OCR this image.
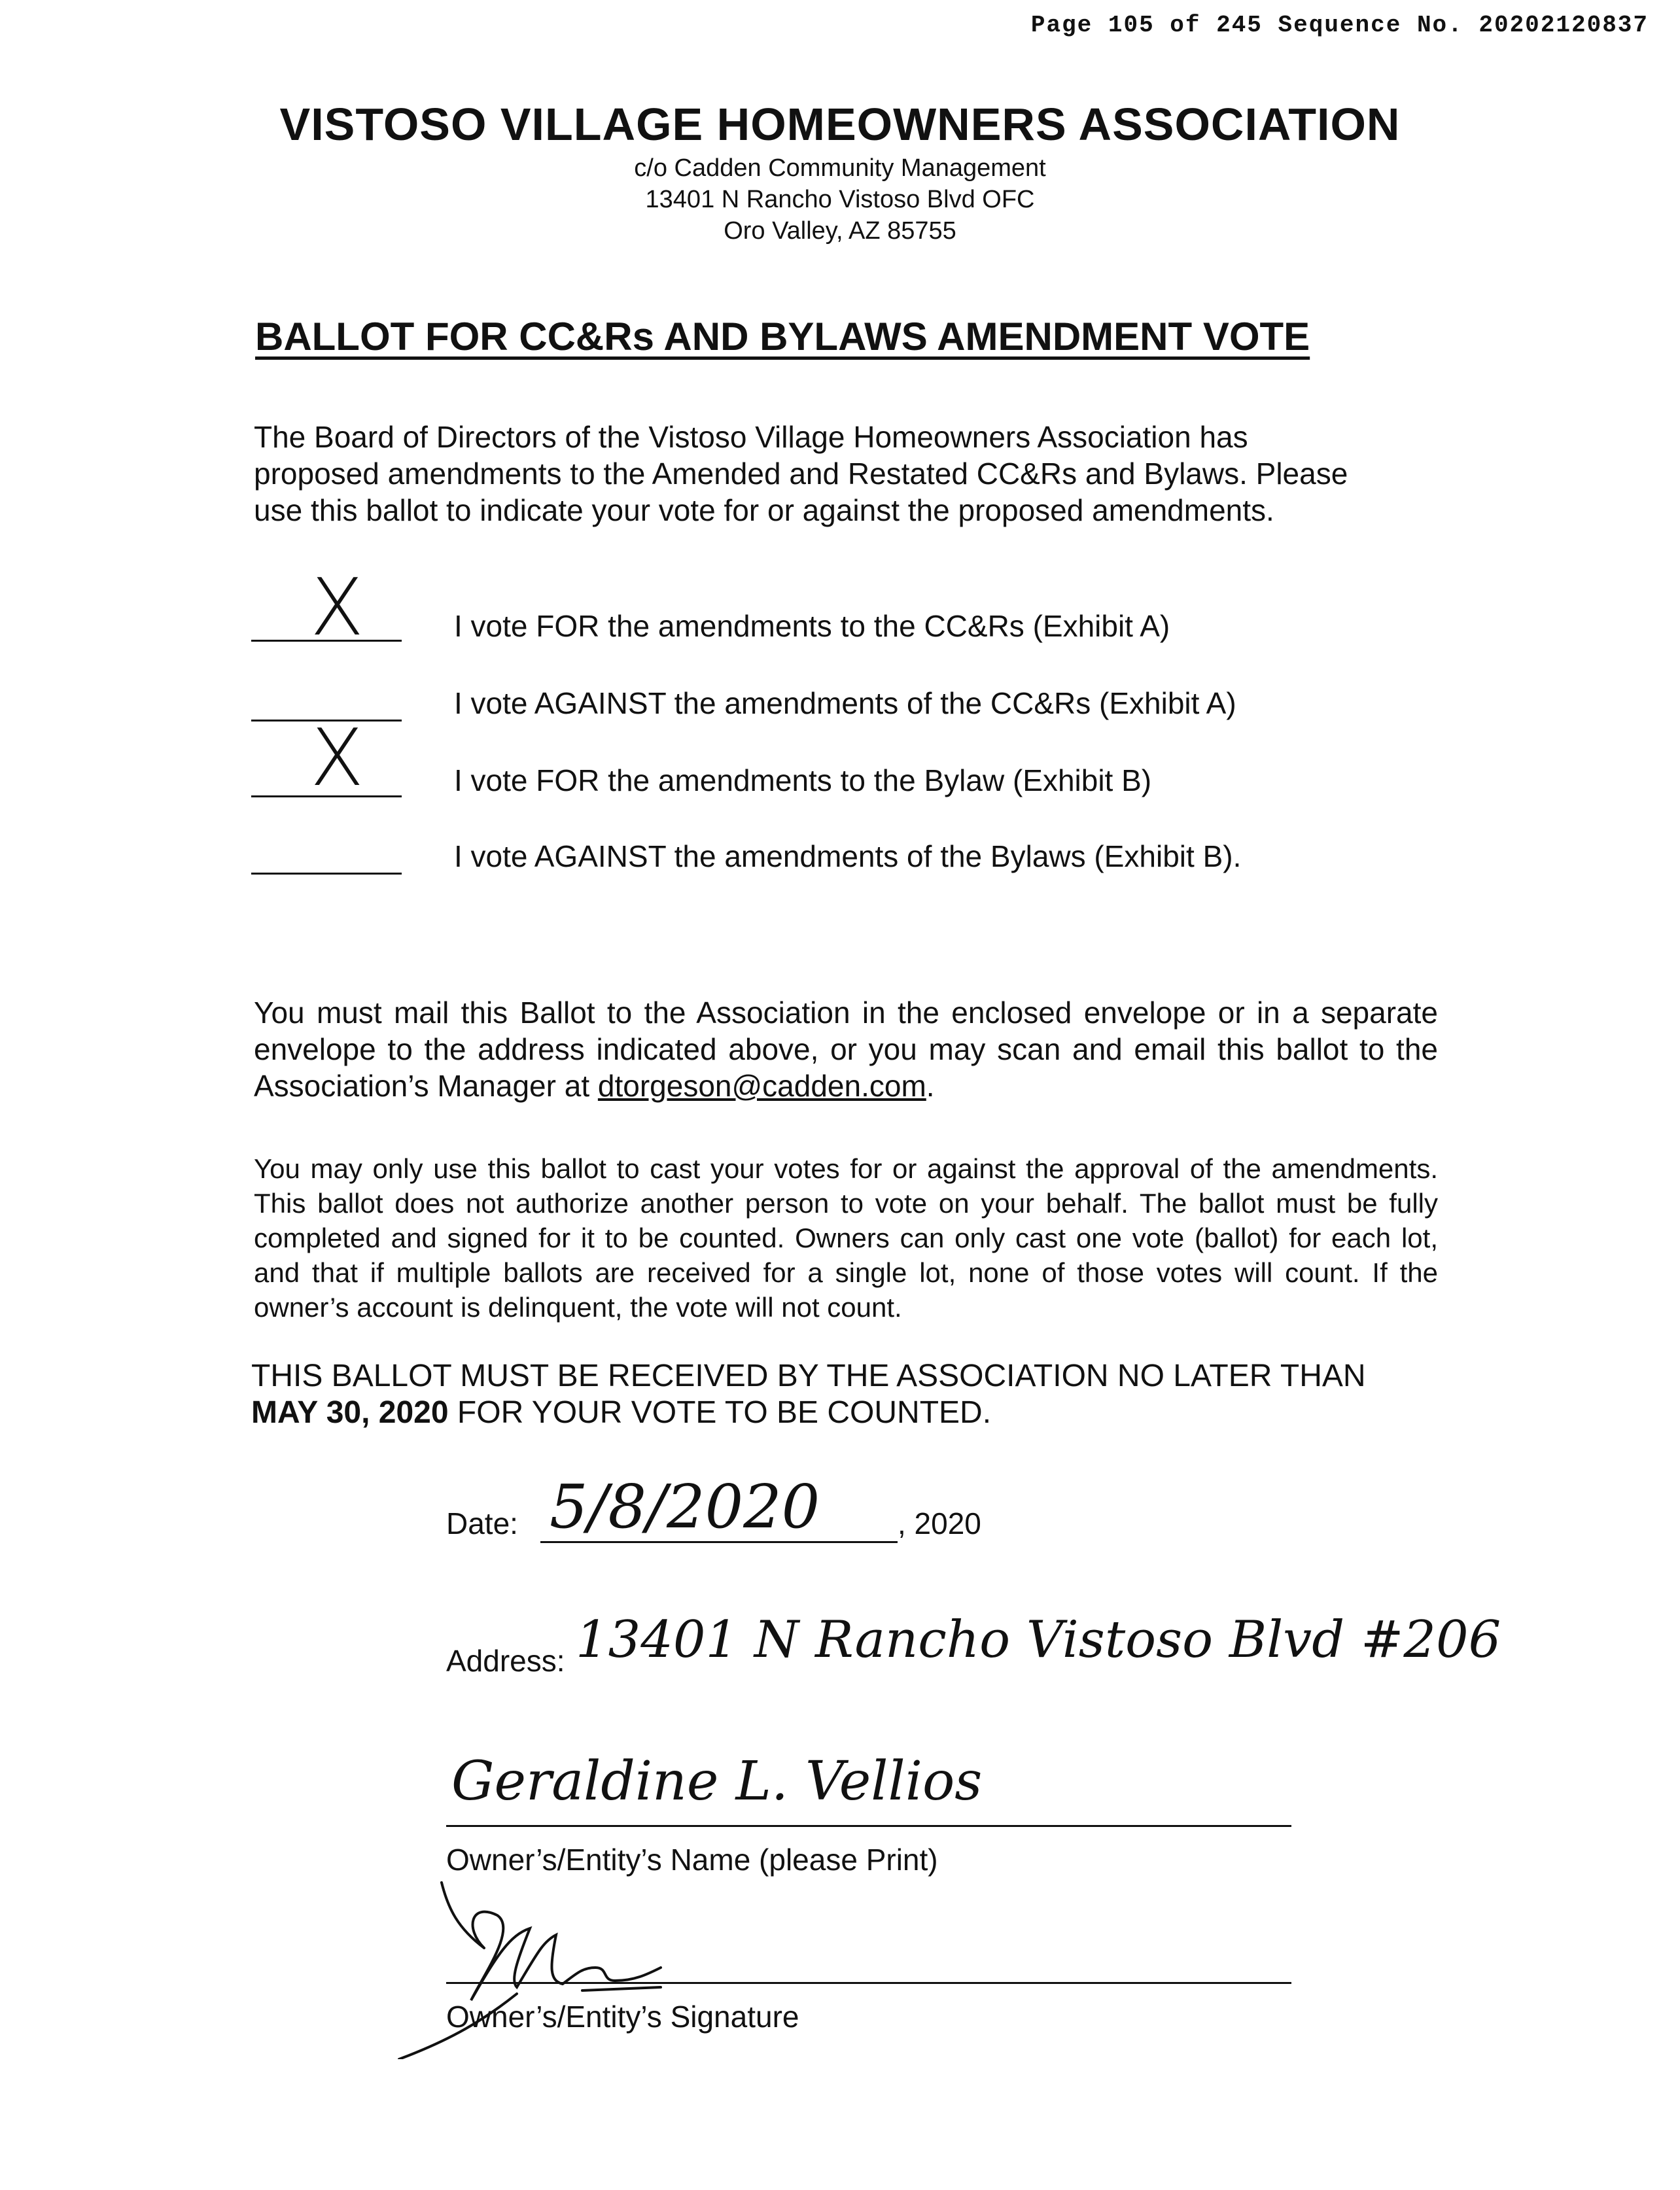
Page 105 of 245 Sequence No. 20202120837
VISTOSO VILLAGE HOMEOWNERS ASSOCIATION
c/o Cadden Community Management
13401 N Rancho Vistoso Blvd OFC
Oro Valley, AZ 85755
BALLOT FOR CC&Rs AND BYLAWS AMENDMENT VOTE
The Board of Directors of the Vistoso Village Homeowners Association has proposed amendments to the Amended and Restated CC&Rs and Bylaws. Please use this ballot to indicate your vote for or against the proposed amendments.
X	I vote FOR the amendments to the CC&Rs (Exhibit A)
I vote AGAINST the amendments of the CC&Rs (Exhibit A)
X	I vote FOR the amendments to the Bylaw (Exhibit B)
I vote AGAINST the amendments of the Bylaws (Exhibit B).
You must mail this Ballot to the Association in the enclosed envelope or in a separate envelope to the address indicated above, or you may scan and email this ballot to the Association’s Manager at dtorgeson@cadden.com.
You may only use this ballot to cast your votes for or against the approval of the amendments. This ballot does not authorize another person to vote on your behalf. The ballot must be fully completed and signed for it to be counted. Owners can only cast one vote (ballot) for each lot, and that if multiple ballots are received for a single lot, none of those votes will count. If the owner’s account is delinquent, the vote will not count.
THIS BALLOT MUST BE RECEIVED BY THE ASSOCIATION NO LATER THAN
MAY 30, 2020 FOR YOUR VOTE TO BE COUNTED.
Date: 5/8/2020	, 2020
Address: 13401 N Rancho Vistoso Blvd #206
Geraldine L. Vellios
Owner’s/Entity’s Name (please Print)
Owner’s/Entity’s Signature
